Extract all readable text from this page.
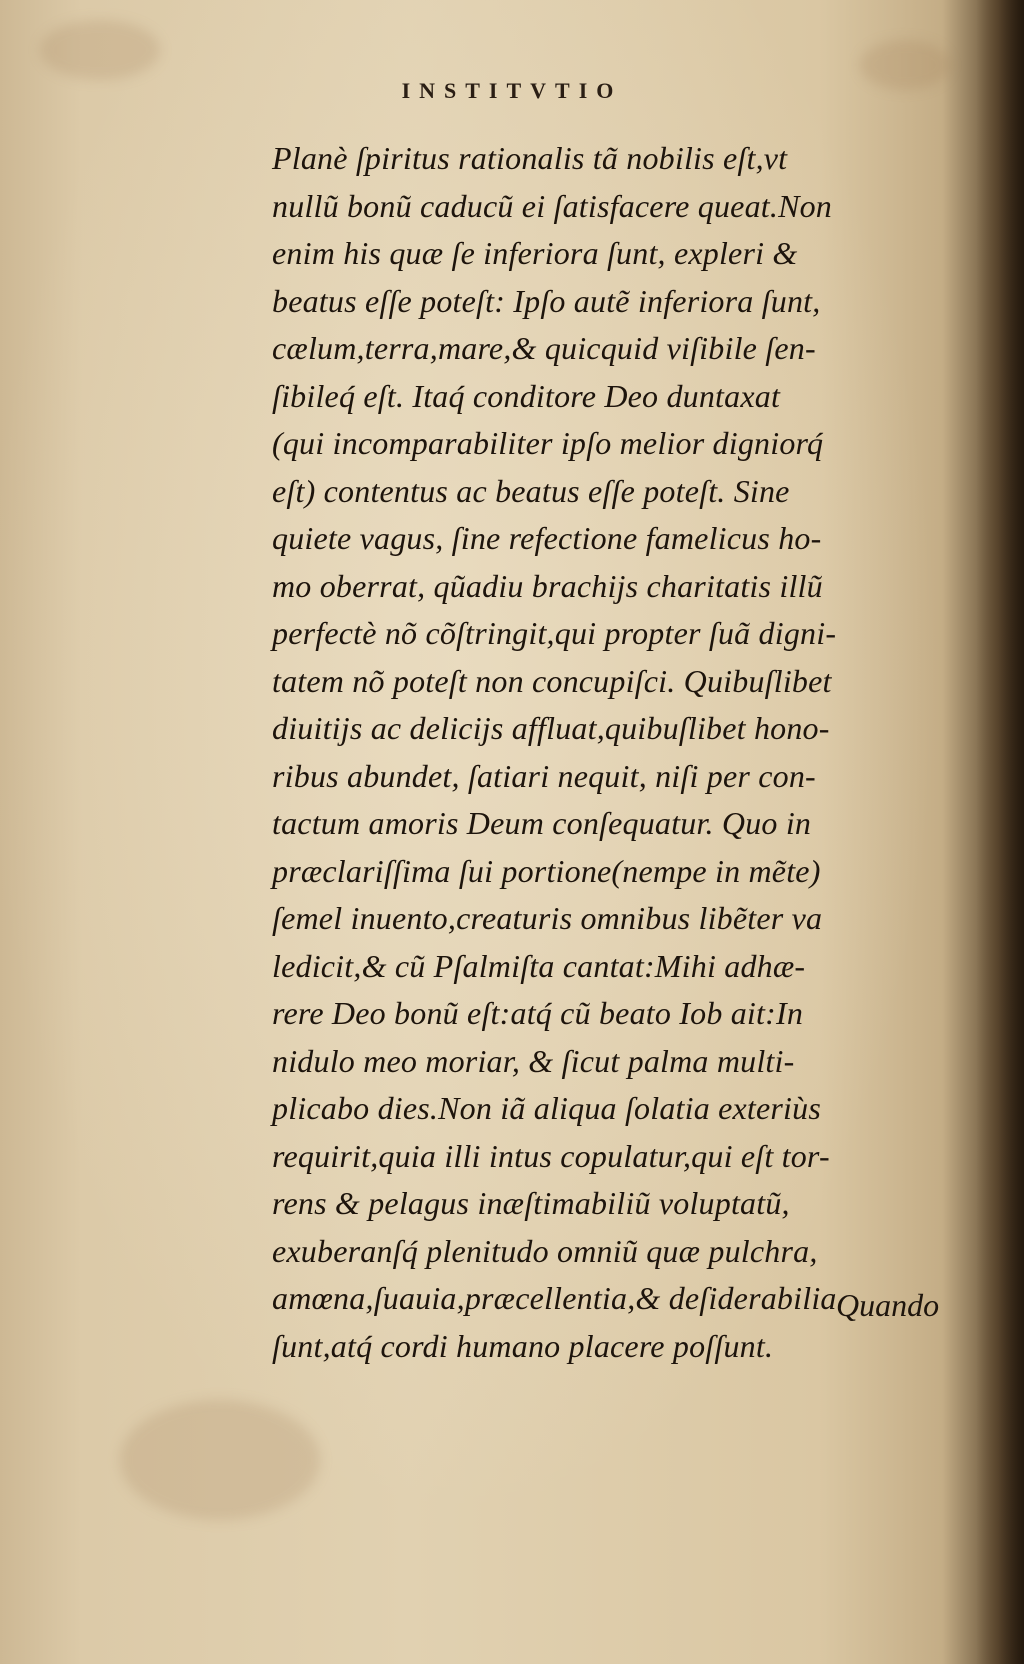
INSTITVTIO
Planè ſpiritus rationalis tã nobilis eſt,vt
nullũ bonũ caducũ ei ſatisfacere queat.Non
enim his quæ ſe inferiora ſunt, expleri &
beatus eſſe poteſt: Ipſo autẽ inferiora ſunt,
cælum,terra,mare,& quicquid viſibile ſen-
ſibileq́ eſt. Itaq́ conditore Deo duntaxat
(qui incomparabiliter ipſo melior digniorq́
eſt) contentus ac beatus eſſe poteſt. Sine
quiete vagus, ſine refectione famelicus ho-
mo oberrat, qũadiu brachijs charitatis illũ
perfectè nõ cõſtringit,qui propter ſuã digni-
tatem nõ poteſt non concupiſci. Quibuſlibet
diuitijs ac delicijs affluat,quibuſlibet hono-
ribus abundet, ſatiari nequit, niſi per con-
tactum amoris Deum conſequatur. Quo in
præclariſſima ſui portione(nempe in mẽte)
ſemel inuento,creaturis omnibus libẽter va
ledicit,& cũ Pſalmiſta cantat:Mihi adhæ-
rere Deo bonũ eſt:atq́ cũ beato Iob ait:In
nidulo meo moriar, & ſicut palma multi-
plicabo dies.Non iã aliqua ſolatia exteriùs
requirit,quia illi intus copulatur,qui eſt tor-
rens & pelagus inæſtimabiliũ voluptatũ,
exuberanſq́ plenitudo omniũ quæ pulchra,
amœna,ſuauia,præcellentia,& deſiderabilia
ſunt,atq́ cordi humano placere poſſunt.
Quando
